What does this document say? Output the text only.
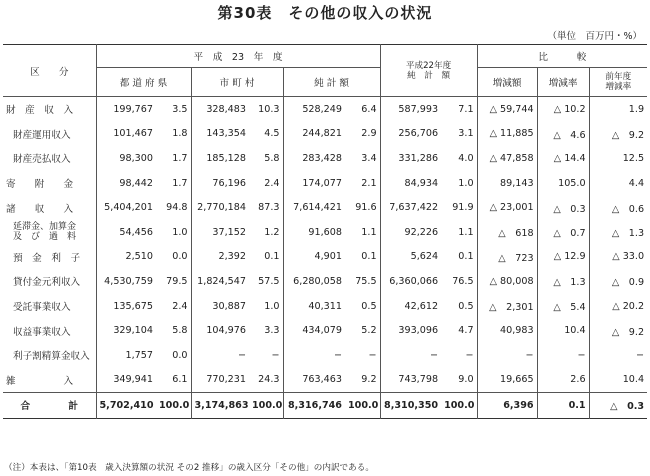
第30表　その他の収入の状況
（単位　百万円・%）
区　　分	平　成　23　年　度						平成22年度
純　計　額		比　　　較		
	都 道 府 県		市 町 村		純 計 額				増減額	増減率	前年度
増減率

財　産　収　入	199,767	3.5	328,483	10.3	528,249	6.4	587,993	7.1	△ 59,744	△ 10.2	1.9
財産運用収入	101,467	1.8	143,354	4.5	244,821	2.9	256,706	3.1	△ 11,885	△　4.6	△　9.2
財産売払収入	98,300	1.7	185,128	5.8	283,428	3.4	331,286	4.0	△ 47,858	△ 14.4	12.5
寄　　附　　金	98,442	1.7	76,196	2.4	174,077	2.1	84,934	1.0	89,143	105.0	4.4
諸　　収　　入	5,404,201	94.8	2,770,184	87.3	7,614,421	91.6	7,637,422	91.9	△ 23,001	△　0.3	△　0.6
延滞金、加算金
及　び　過　料	54,456	1.0	37,152	1.2	91,608	1.1	92,226	1.1	△　618	△　0.7	△　1.3
預　金　利　子	2,510	0.0	2,392	0.1	4,901	0.1	5,624	0.1	△　723	△ 12.9	△ 33.0
貸付金元利収入	4,530,759	79.5	1,824,547	57.5	6,280,058	75.5	6,360,066	76.5	△ 80,008	△　1.3	△　0.9
受託事業収入	135,675	2.4	30,887	1.0	40,311	0.5	42,612	0.5	△　2,301	△　5.4	△ 20.2
収益事業収入	329,104	5.8	104,976	3.3	434,079	5.2	393,096	4.7	40,983	10.4	△　9.2
利子割精算金収入	1,757	0.0	−	−	−	−	−	−	−	−	−
雑　　　　　入	349,941	6.1	770,231	24.3	763,463	9.2	743,798	9.0	19,665	2.6	10.4
合　　　　計	5,702,410	100.0	3,174,863	100.0	8,316,746	100.0	8,310,350	100.0	6,396	0.1	△　0.3
（注）本表は、「第10表　歳入決算額の状況 その2 推移」の歳入区分「その他」の内訳である。
